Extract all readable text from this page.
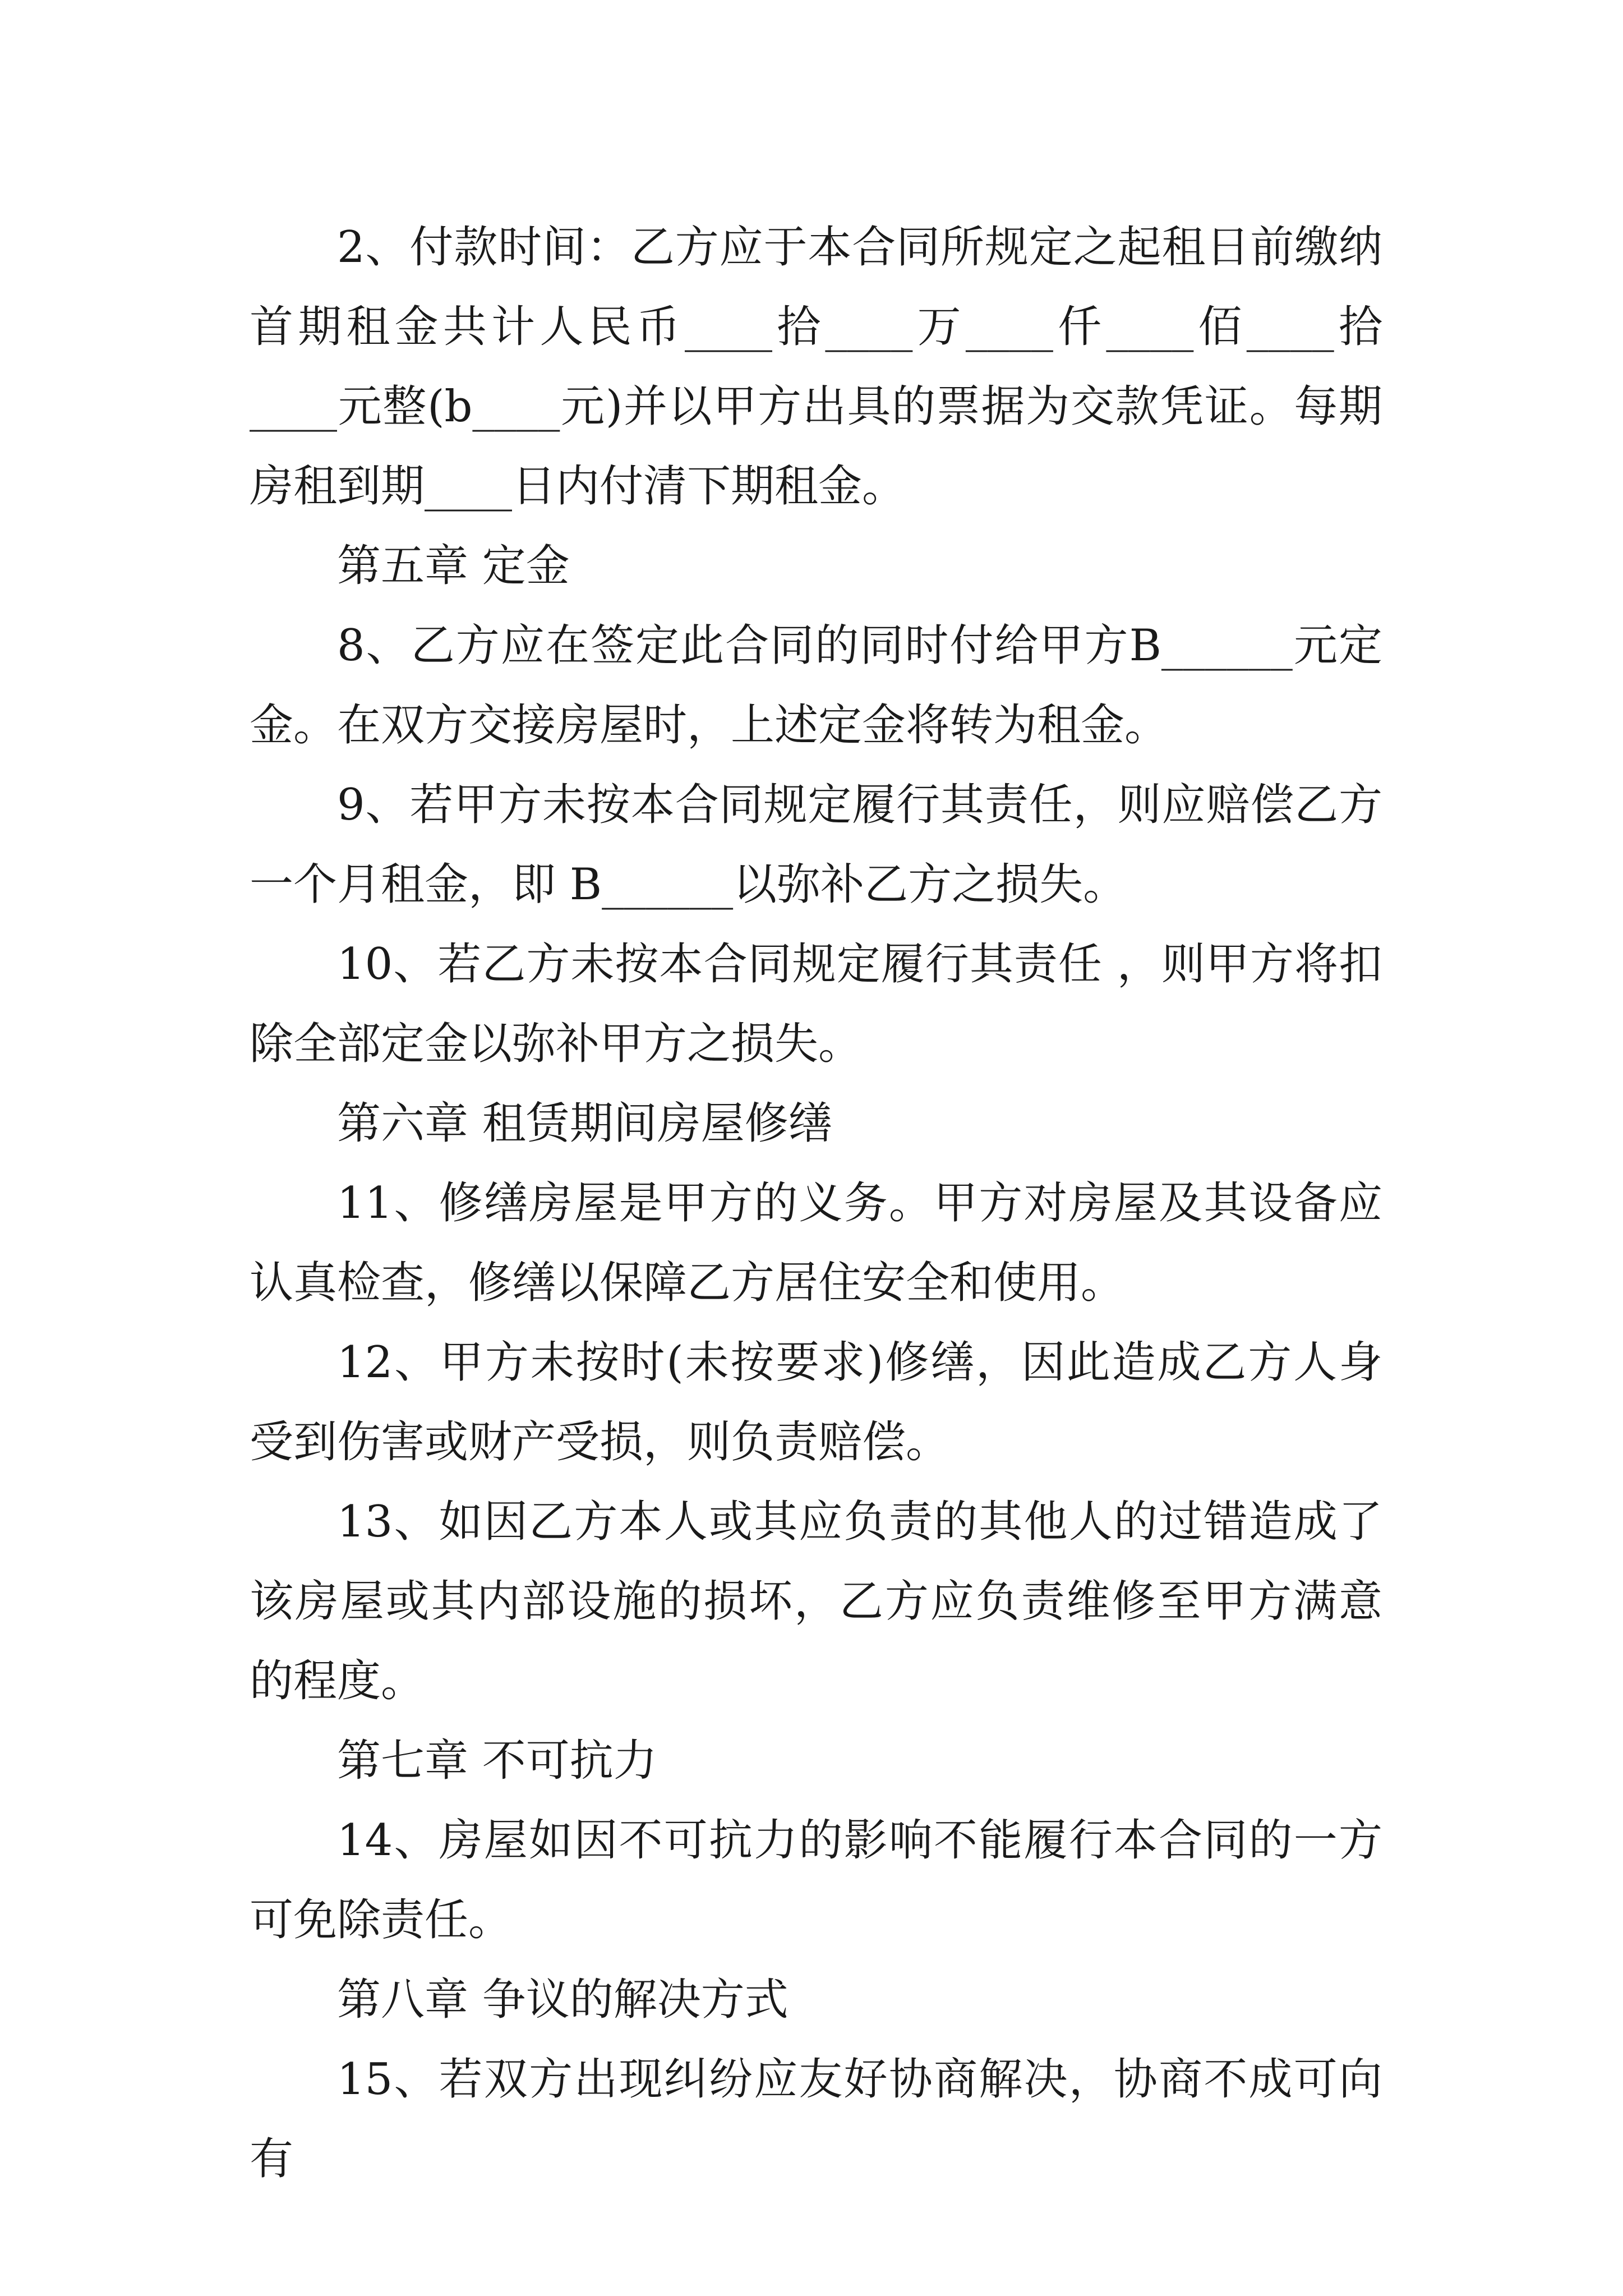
2、付款时间：乙方应于本合同所规定之起租日前缴纳首期租金共计人民币____拾____万____仟____佰____拾____元整(b____元)并以甲方出具的票据为交款凭证。每期房租到期____日内付清下期租金。

第五章 定金

8、乙方应在签定此合同的同时付给甲方B______元定金。在双方交接房屋时，上述定金将转为租金。

9、若甲方未按本合同规定履行其责任，则应赔偿乙方一个月租金，即 B______以弥补乙方之损失。

10、若乙方未按本合同规定履行其责任 ，则甲方将扣除全部定金以弥补甲方之损失。

第六章 租赁期间房屋修缮

11、修缮房屋是甲方的义务。甲方对房屋及其设备应认真检查，修缮以保障乙方居住安全和使用。

12、甲方未按时(未按要求)修缮，因此造成乙方人身受到伤害或财产受损，则负责赔偿。

13、如因乙方本人或其应负责的其他人的过错造成了该房屋或其内部设施的损坏，乙方应负责维修至甲方满意的程度。

第七章 不可抗力

14、房屋如因不可抗力的影响不能履行本合同的一方可免除责任。

第八章 争议的解决方式

15、若双方出现纠纷应友好协商解决，协商不成可向有
